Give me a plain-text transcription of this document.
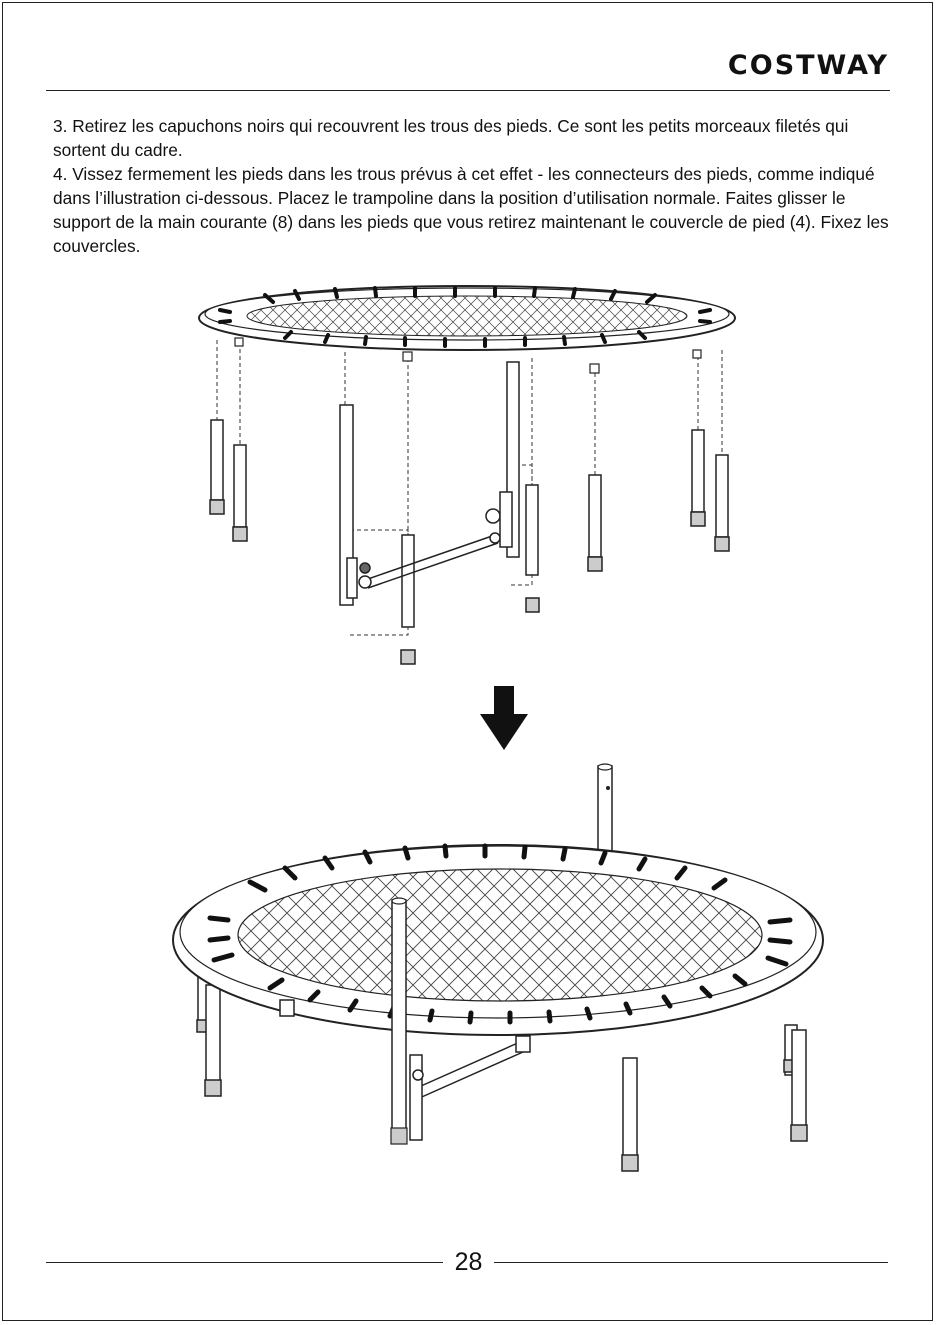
COSTWAY

3. Retirez les capuchons noirs qui recouvrent les trous des pieds. Ce sont les petits morceaux filetés qui sortent du cadre.

4. Vissez fermement les pieds dans les trous prévus à cet effet - les connecteurs des pieds, comme indiqué dans l’illustration ci-dessous. Placez le trampoline dans la position d’utilisation normale. Faites glisser le support de la main courante (8) dans les pieds que vous retirez maintenant le couvercle de pied (4). Fixez les couvercles.

28
